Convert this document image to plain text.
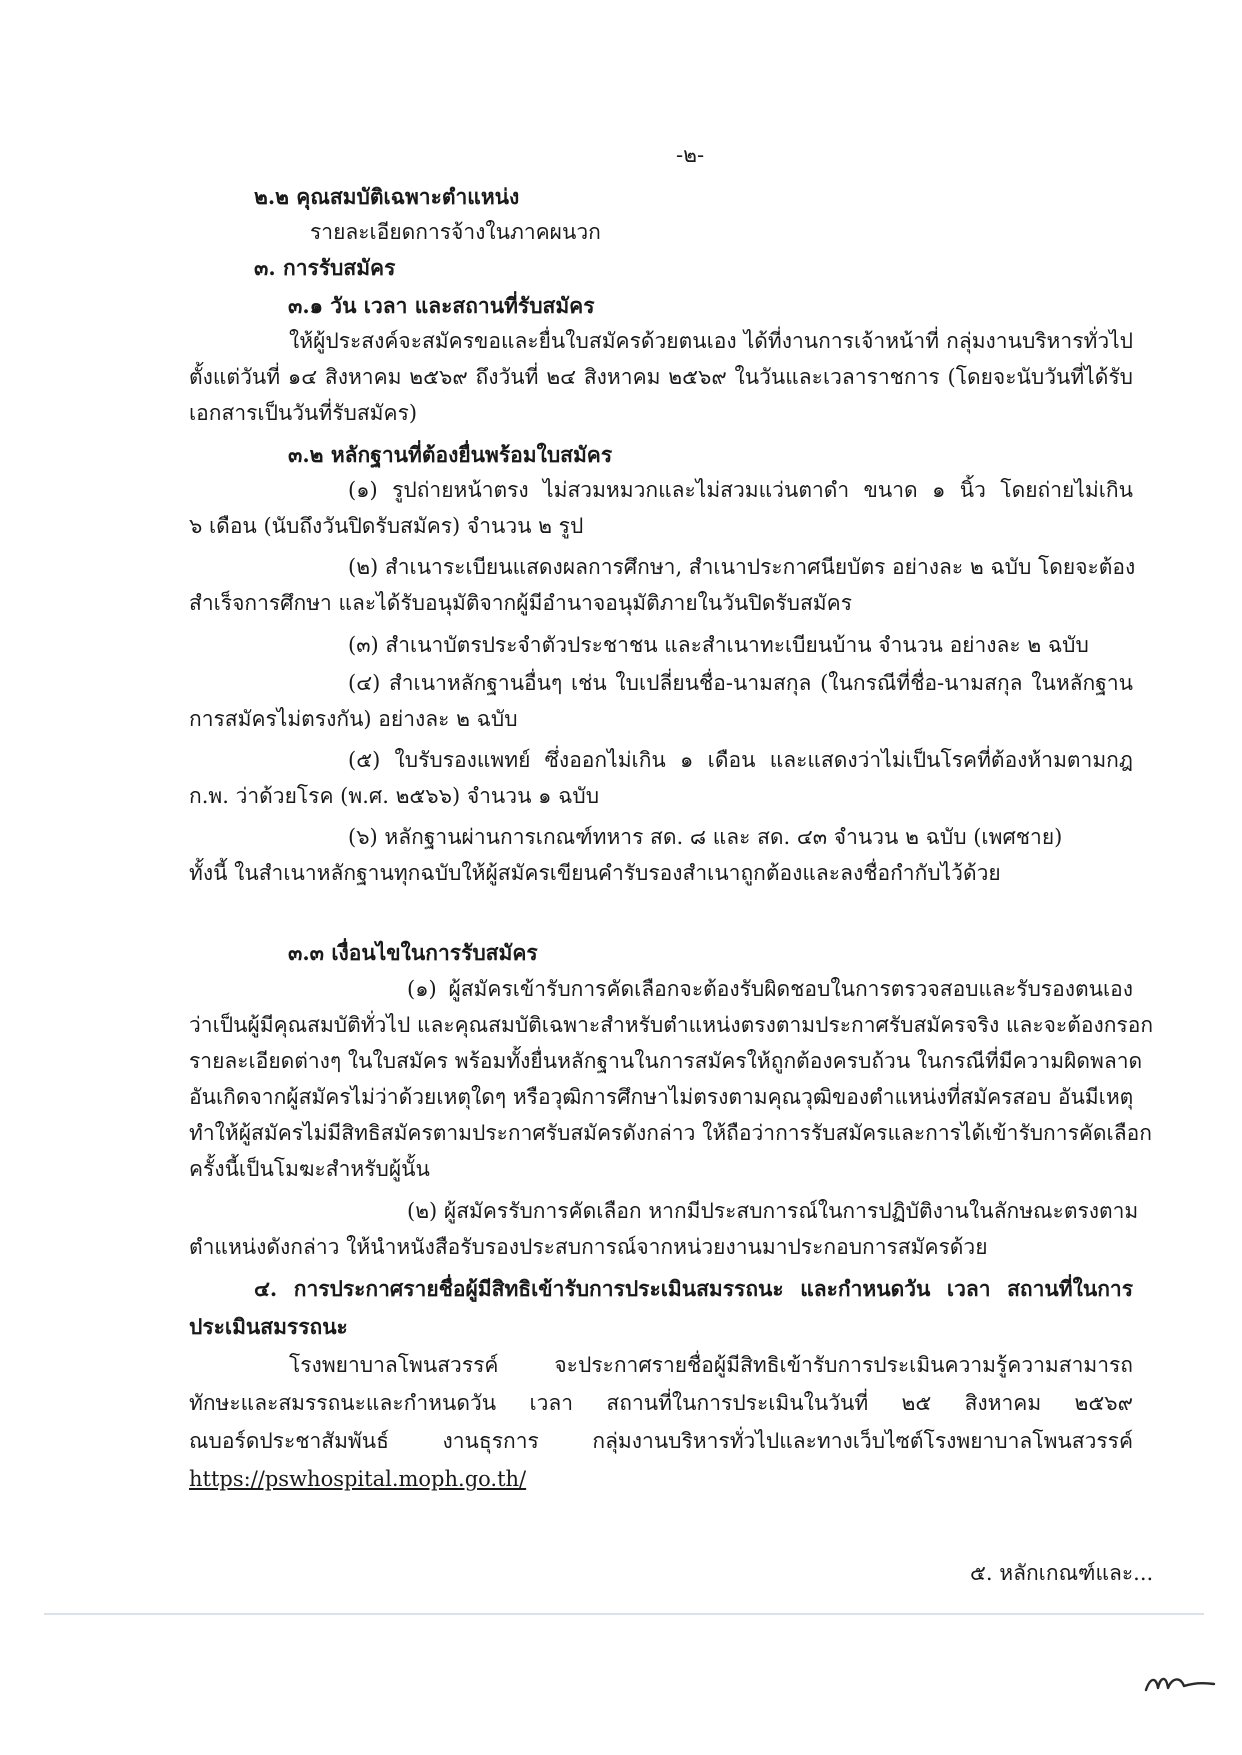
-๒-
๒.๒ คุณสมบัติเฉพาะตำแหน่ง
รายละเอียดการจ้างในภาคผนวก
๓. การรับสมัคร
๓.๑ วัน เวลา และสถานที่รับสมัคร
ให้ผู้ประสงค์จะสมัครขอและยื่นใบสมัครด้วยตนเอง ได้ที่งานการเจ้าหน้าที่ กลุ่มงานบริหารทั่วไป
ตั้งแต่วันที่ ๑๔ สิงหาคม ๒๕๖๙ ถึงวันที่ ๒๔ สิงหาคม ๒๕๖๙ ในวันและเวลาราชการ (โดยจะนับวันที่ได้รับ
เอกสารเป็นวันที่รับสมัคร)
๓.๒ หลักฐานที่ต้องยื่นพร้อมใบสมัคร
(๑) รูปถ่ายหน้าตรง ไม่สวมหมวกและไม่สวมแว่นตาดำ ขนาด ๑ นิ้ว โดยถ่ายไม่เกิน
๖ เดือน (นับถึงวันปิดรับสมัคร) จำนวน ๒ รูป
(๒) สำเนาระเบียนแสดงผลการศึกษา, สำเนาประกาศนียบัตร อย่างละ ๒ ฉบับ โดยจะต้อง
สำเร็จการศึกษา และได้รับอนุมัติจากผู้มีอำนาจอนุมัติภายในวันปิดรับสมัคร
(๓) สำเนาบัตรประจำตัวประชาชน และสำเนาทะเบียนบ้าน จำนวน อย่างละ ๒ ฉบับ
(๔) สำเนาหลักฐานอื่นๆ เช่น ใบเปลี่ยนชื่อ-นามสกุล (ในกรณีที่ชื่อ-นามสกุล ในหลักฐาน
การสมัครไม่ตรงกัน) อย่างละ ๒ ฉบับ
(๕) ใบรับรองแพทย์ ซึ่งออกไม่เกิน ๑ เดือน และแสดงว่าไม่เป็นโรคที่ต้องห้ามตามกฎ
ก.พ. ว่าด้วยโรค (พ.ศ. ๒๕๖๖) จำนวน ๑ ฉบับ
(๖) หลักฐานผ่านการเกณฑ์ทหาร สด. ๘ และ สด. ๔๓ จำนวน ๒ ฉบับ (เพศชาย)
ทั้งนี้ ในสำเนาหลักฐานทุกฉบับให้ผู้สมัครเขียนคำรับรองสำเนาถูกต้องและลงชื่อกำกับไว้ด้วย
๓.๓ เงื่อนไขในการรับสมัคร
(๑) ผู้สมัครเข้ารับการคัดเลือกจะต้องรับผิดชอบในการตรวจสอบและรับรองตนเอง
ว่าเป็นผู้มีคุณสมบัติทั่วไป และคุณสมบัติเฉพาะสำหรับตำแหน่งตรงตามประกาศรับสมัครจริง และจะต้องกรอก
รายละเอียดต่างๆ ในใบสมัคร พร้อมทั้งยื่นหลักฐานในการสมัครให้ถูกต้องครบถ้วน ในกรณีที่มีความผิดพลาด
อันเกิดจากผู้สมัครไม่ว่าด้วยเหตุใดๆ หรือวุฒิการศึกษาไม่ตรงตามคุณวุฒิของตำแหน่งที่สมัครสอบ อันมีเหตุ
ทำให้ผู้สมัครไม่มีสิทธิสมัครตามประกาศรับสมัครดังกล่าว ให้ถือว่าการรับสมัครและการได้เข้ารับการคัดเลือก
ครั้งนี้เป็นโมฆะสำหรับผู้นั้น
(๒) ผู้สมัครรับการคัดเลือก หากมีประสบการณ์ในการปฏิบัติงานในลักษณะตรงตาม
ตำแหน่งดังกล่าว ให้นำหนังสือรับรองประสบการณ์จากหน่วยงานมาประกอบการสมัครด้วย
๔. การประกาศรายชื่อผู้มีสิทธิเข้ารับการประเมินสมรรถนะ และกำหนดวัน เวลา สถานที่ในการ
ประเมินสมรรถนะ
โรงพยาบาลโพนสวรรค์ จะประกาศรายชื่อผู้มีสิทธิเข้ารับการประเมินความรู้ความสามารถ
ทักษะและสมรรถนะและกำหนดวัน เวลา สถานที่ในการประเมินในวันที่ ๒๕ สิงหาคม ๒๕๖๙
ณบอร์ดประชาสัมพันธ์ งานธุรการ กลุ่มงานบริหารทั่วไปและทางเว็บไซต์โรงพยาบาลโพนสวรรค์
https://pswhospital.moph.go.th/
๕. หลักเกณฑ์และ...
